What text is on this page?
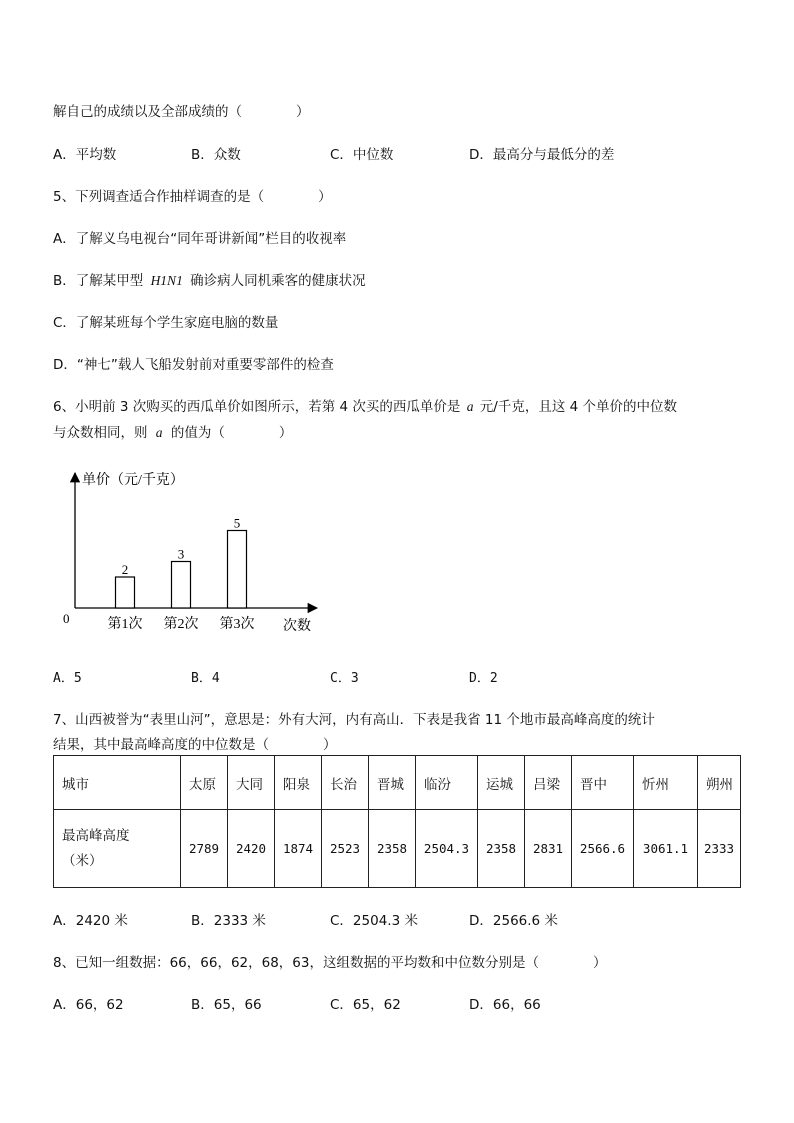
解自己的成绩以及全部成绩的（　　　　）
A．平均数	B．众数	C．中位数	D．最高分与最低分的差
5、下列调查适合作抽样调查的是（　　　　）
A．了解义乌电视台“同年哥讲新闻”栏目的收视率
B．了解某甲型 H1N1 确诊病人同机乘客的健康状况
C．了解某班每个学生家庭电脑的数量
D．“神七”载人飞船发射前对重要零部件的检查
6、小明前 3 次购买的西瓜单价如图所示，若第 4 次买的西瓜单价是 a 元/千克，且这 4 个单价的中位数
与众数相同，则 a 的值为（　　　　）
单价（元/千克）
次数
0
2
第1次
3
第2次
5
第3次
A．5	B．4	C．3	D．2
7、山西被誉为“表里山河”，意思是：外有大河，内有高山．下表是我省 11 个地市最高峰高度的统计
结果，其中最高峰高度的中位数是（　　　　）
城市	太原	大同	阳泉	长治	晋城	临汾	运城	吕梁	晋中	忻州	朔州

最高峰高度
（米）	2789	2420	1874	2523	2358	2504.3	2358	2831	2566.6	3061.1	2333
A．2420 米	B．2333 米	C．2504.3 米	D．2566.6 米
8、已知一组数据：66，66，62，68，63，这组数据的平均数和中位数分别是（　　　　）
A．66，62	B．65，66	C．65，62	D．66，66
